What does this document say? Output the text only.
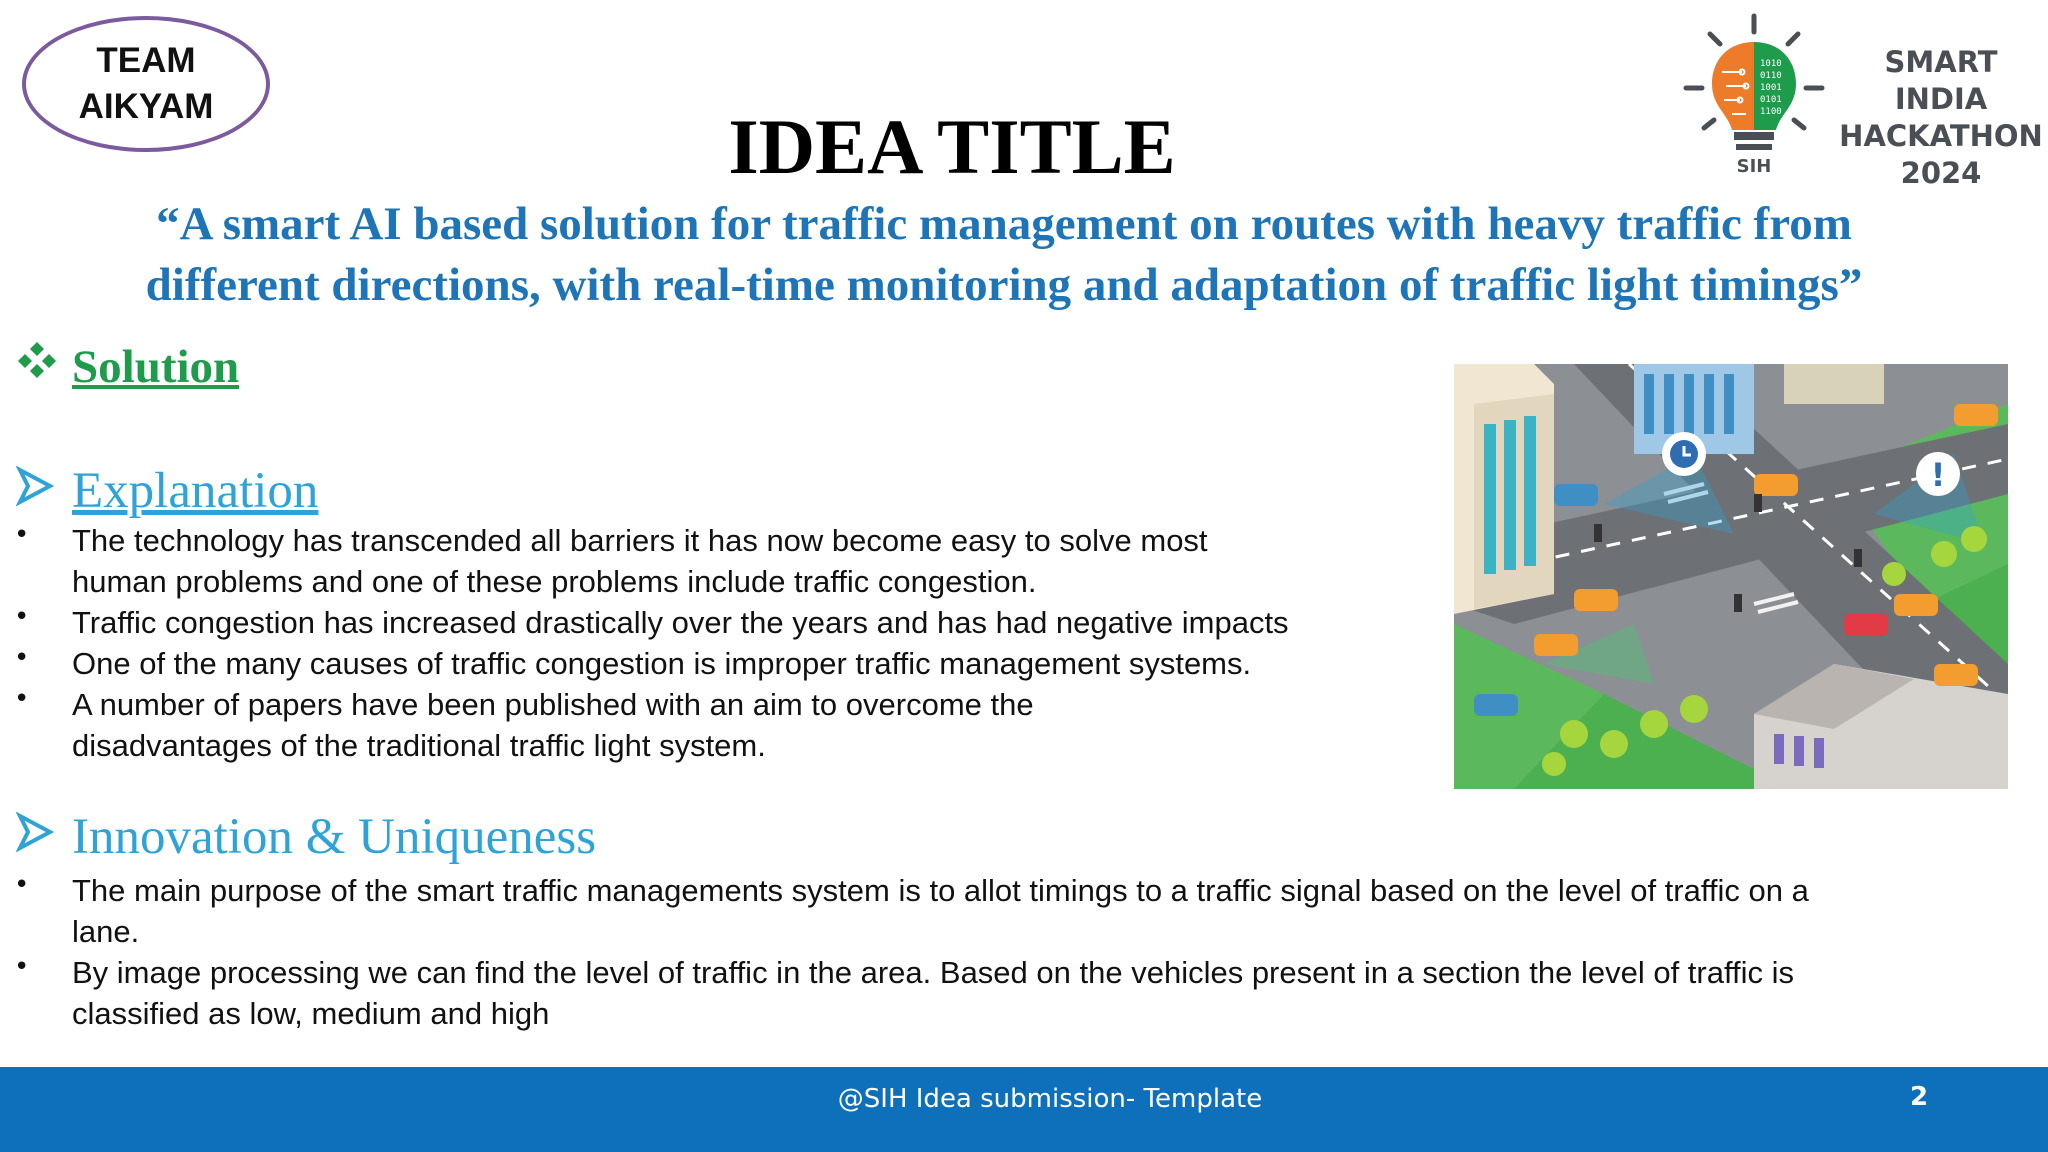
TEAM
AIKYAM
1010
0110
1001
0101
1100
SIH
SMART INDIA
HACKATHON
2024
IDEA TITLE
“A smart AI based solution for traffic management on routes with heavy traffic from
different directions, with real-time monitoring and adaptation of traffic light timings”
Solution
Explanation
• The technology has transcended all barriers it has now become easy to solve most
human problems and one of these problems include traffic congestion.
• Traffic congestion has increased drastically over the years and has had negative impacts
• One of the many causes of traffic congestion is improper traffic management systems.
• A number of papers have been published with an aim to overcome the
disadvantages of the traditional traffic light system.
Innovation & Uniqueness
• The main purpose of the smart traffic managements system is to allot timings to a traffic signal based on the level of traffic on a
lane.
• By image processing we can find the level of traffic in the area. Based on the vehicles present in a section the level of traffic is
classified as low, medium and high
!
@SIH Idea submission- Template	2
